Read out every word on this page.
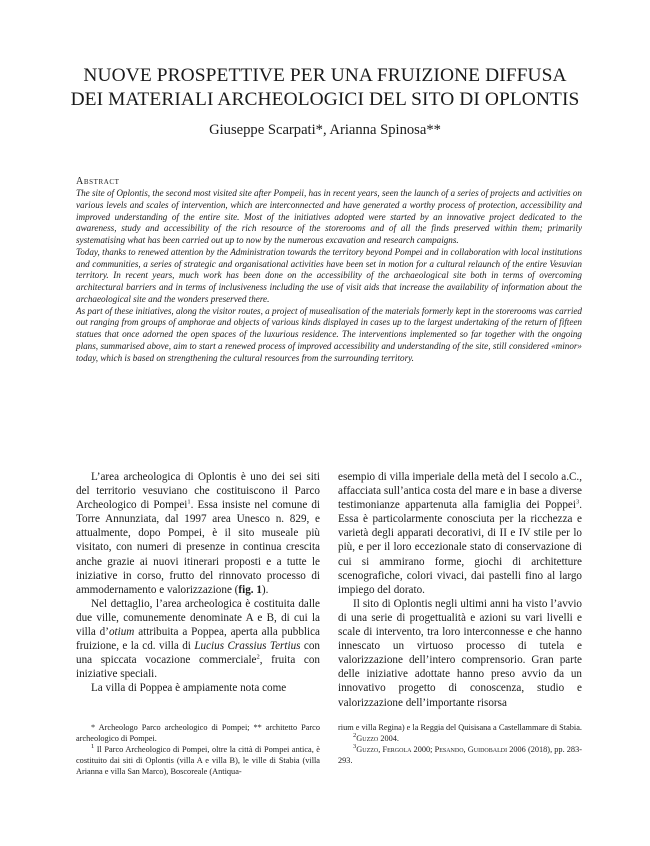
NUOVE PROSPETTIVE PER UNA FRUIZIONE DIFFUSA
DEI MATERIALI ARCHEOLOGICI DEL SITO DI OPLONTIS
Giuseppe Scarpati*, Arianna Spinosa**
Abstract

The site of Oplontis, the second most visited site after Pompeii, has in recent years, seen the launch of a series of projects and activities on various levels and scales of intervention, which are interconnected and have generated a worthy process of protection, accessibility and improved understanding of the entire site. Most of the initiatives adopted were started by an innovative project dedicated to the awareness, study and accessibility of the rich resource of the storerooms and of all the finds preserved within them; primarily systematising what has been carried out up to now by the numerous excavation and research campaigns.

Today, thanks to renewed attention by the Administration towards the territory beyond Pompei and in collaboration with local institutions and communities, a series of strategic and organisational activities have been set in motion for a cultural relaunch of the entire Vesuvian territory. In recent years, much work has been done on the accessibility of the archaeological site both in terms of overcoming architectural barriers and in terms of inclusiveness including the use of visit aids that increase the availability of information about the archaeological site and the wonders preserved there.

As part of these initiatives, along the visitor routes, a project of musealisation of the materials formerly kept in the storerooms was carried out ranging from groups of amphorae and objects of various kinds displayed in cases up to the largest undertaking of the return of fifteen statues that once adorned the open spaces of the luxurious residence. The interventions implemented so far together with the ongoing plans, summarised above, aim to start a renewed process of improved accessibility and understanding of the site, still considered «minor» today, which is based on strengthening the cultural resources from the surrounding territory.

L’area archeologica di Oplontis è uno dei sei siti del territorio vesuviano che costituiscono il Parco Archeologico di Pompei$^1$. Essa insiste nel comune di Torre Annunziata, dal 1997 area Unesco n. 829, e attualmente, dopo Pompei, è il sito museale più visitato, con numeri di presenze in continua crescita anche grazie ai nuovi itinerari proposti e a tutte le iniziative in corso, frutto del rinnovato processo di ammodernamento e valorizzazione (fig. 1).

Nel dettaglio, l’area archeologica è costituita dalle due ville, comunemente denominate A e B, di cui la villa d’otium attribuita a Poppea, aperta alla pubblica fruizione, e la cd. villa di Lucius Crassius Tertius con una spiccata vocazione commerciale$^2$, fruita con iniziative speciali.

La villa di Poppea è ampiamente nota come

esempio di villa imperiale della metà del I secolo a.C., affacciata sull’antica costa del mare e in base a diverse testimonianze appartenuta alla famiglia dei Poppei$^3$. Essa è particolarmente conosciuta per la ricchezza e varietà degli apparati decorativi, di II e IV stile per lo più, e per il loro eccezionale stato di conservazione di cui si ammirano forme, giochi di architetture scenografiche, colori vivaci, dai pastelli fino al largo impiego del dorato.

Il sito di Oplontis negli ultimi anni ha visto l’avvio di una serie di progettualità e azioni su vari livelli e scale di intervento, tra loro interconnesse e che hanno innescato un virtuoso processo di tutela e valorizzazione dell’intero comprensorio. Gran parte delle iniziative adottate hanno preso avvio da un innovativo progetto di conoscenza, studio e valorizzazione dell’importante risorsa

* Archeologo Parco archeologico di Pompei; ** architetto Parco archeologico di Pompei.

$^1$ Il Parco Archeologico di Pompei, oltre la città di Pompei antica, è costituito dai siti di Oplontis (villa A e villa B), le ville di Stabia (villa Arianna e villa San Marco), Boscoreale (Antiqua-

rium e villa Regina) e la Reggia del Quisisana a Castellammare di Stabia.

$^2$Guzzo 2004.

$^3$Guzzo, Fergola 2000; Pesando, Guidobaldi 2006 (2018), pp. 283-293.
